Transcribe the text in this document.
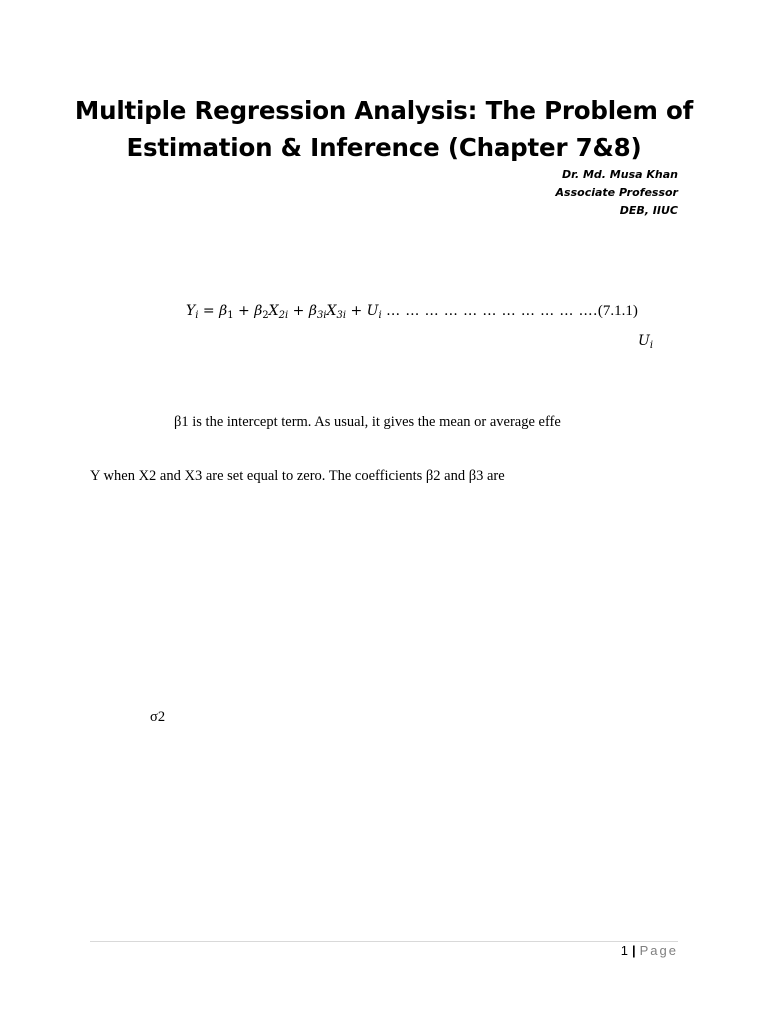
Multiple Regression Analysis: The Problem of
Estimation & Inference (Chapter 7&8)
Dr. Md. Musa Khan
Associate Professor
DEB, IIUC
$Y_i = \beta_1 + \beta_2X_{2i} + \beta_{3i}X_{3i} + U_i$ … … … … … … … … … … ….(7.1.1)
$U_i$
β1 is the intercept term. As usual, it gives the mean or average effe
Y when X2 and X3 are set equal to zero. The coefficients β2 and β3 are
σ2
1 | Page
